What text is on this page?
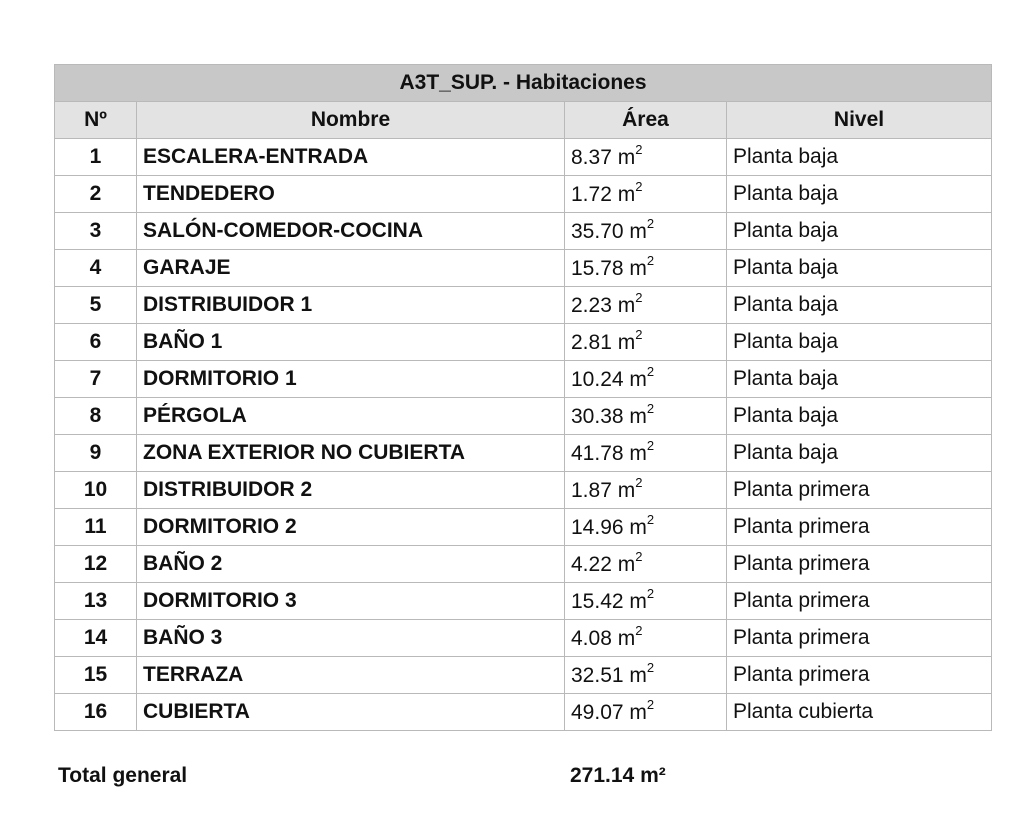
A3T_SUP. - Habitaciones			
Nº	Nombre	Área	Nivel
1	ESCALERA-ENTRADA	8.37 $m^2$	Planta baja
2	TENDEDERO	1.72 $m^2$	Planta baja
3	SALÓN-COMEDOR-COCINA	35.70 $m^2$	Planta baja
4	GARAJE	15.78 $m^2$	Planta baja
5	DISTRIBUIDOR 1	2.23 $m^2$	Planta baja
6	BAÑO 1	2.81 $m^2$	Planta baja
7	DORMITORIO 1	10.24 $m^2$	Planta baja
8	PÉRGOLA	30.38 $m^2$	Planta baja
9	ZONA EXTERIOR NO CUBIERTA	41.78 $m^2$	Planta baja
10	DISTRIBUIDOR 2	1.87 $m^2$	Planta primera
11	DORMITORIO 2	14.96 $m^2$	Planta primera
12	BAÑO 2	4.22 $m^2$	Planta primera
13	DORMITORIO 3	15.42 $m^2$	Planta primera
14	BAÑO 3	4.08 $m^2$	Planta primera
15	TERRAZA	32.51 $m^2$	Planta primera
16	CUBIERTA	49.07 $m^2$	Planta cubierta
Total general	271.14 m²
